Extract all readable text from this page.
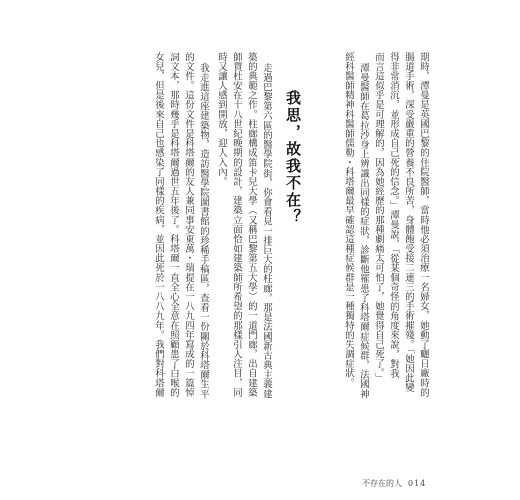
期時，潭曼是英國巴黎的住院醫師，當時他必須治療一名婦女，她動了曬日廠時的
腸道手術，深受嚴重的營養不良所苦，身體飽受接二連三的手術摧殘。「她因此變
得非常消沉，並形成自己死的信念。」潭曼說，「從某個奇怪的角度來說，對我
而言這似乎是可理解的，因為她經歷的那種劇痛太可怕了，她覺得自己死了。」
潭曼醫師在葛拉沙身上辨識出同樣的症狀，診斷他罹患了科塔爾症候群，法國神
經科醫師精神科醫師儒勒・科塔爾最早確認這種症候群是一種獨特的失調症狀。
我思，故我不在？
走過巴黎第六區的醫學院街，你會看見一排巨大的柱廊，那是法國新古典主義建
築的典範之作。柱廊構成笛卡兒大學（又稱巴黎第五大學）的一道門廊，出自建築
師賈杜安在十八世紀晚期的設計，建築立面恰如建築師所希望的那樣引人注目，同
時又讓人感到開放，迎人入內。
我走進這座建築物，造訪醫學院圖書館的珍稀手稿區，查看一份關於科塔爾生平
的文件。這份文件是科塔爾的友人兼同事安東萬・瑞提在一八九四年寫成的一篇悼
詞文本，那時幾乎是科塔爾過世五年後了。科塔爾一直全心全意在照顧患了白喉的
女兒，但是後來自己也感染了同樣的疾病，並因此死於一八八九年。我們對科塔爾
不存在的人 014
